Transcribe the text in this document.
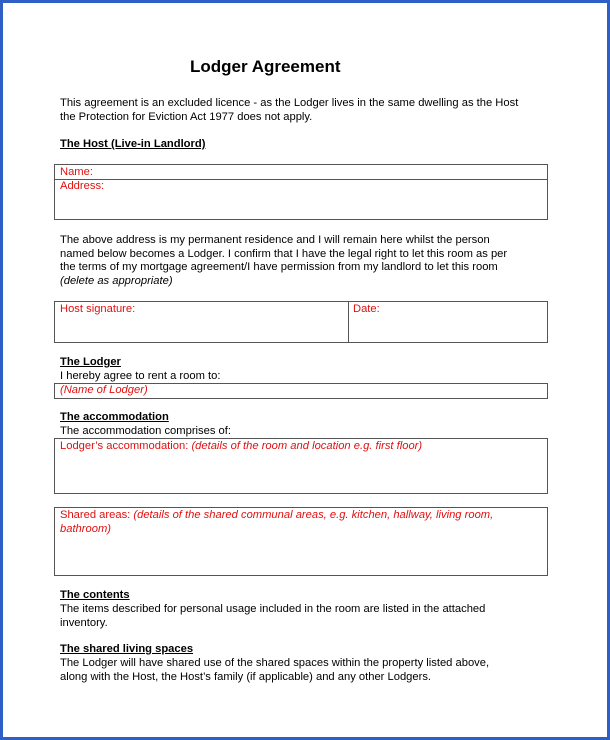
Lodger Agreement
This agreement is an excluded licence - as the Lodger lives in the same dwelling as the Host
the Protection for Eviction Act 1977 does not apply.
The Host (Live-in Landlord)
Name:
Address:
The above address is my permanent residence and I will remain here whilst the person
named below becomes a Lodger. I confirm that I have the legal right to let this room as per
the terms of my mortgage agreement/I have permission from my landlord to let this room
(delete as appropriate)
Host signature:	Date:
The Lodger
I hereby agree to rent a room to:
(Name of Lodger)
The accommodation
The accommodation comprises of:
Lodger’s accommodation: (details of the room and location e.g. first floor)
Shared areas: (details of the shared communal areas, e.g. kitchen, hallway, living room,
bathroom)
The contents
The items described for personal usage included in the room are listed in the attached
inventory.
The shared living spaces
The Lodger will have shared use of the shared spaces within the property listed above,
along with the Host, the Host’s family (if applicable) and any other Lodgers.
